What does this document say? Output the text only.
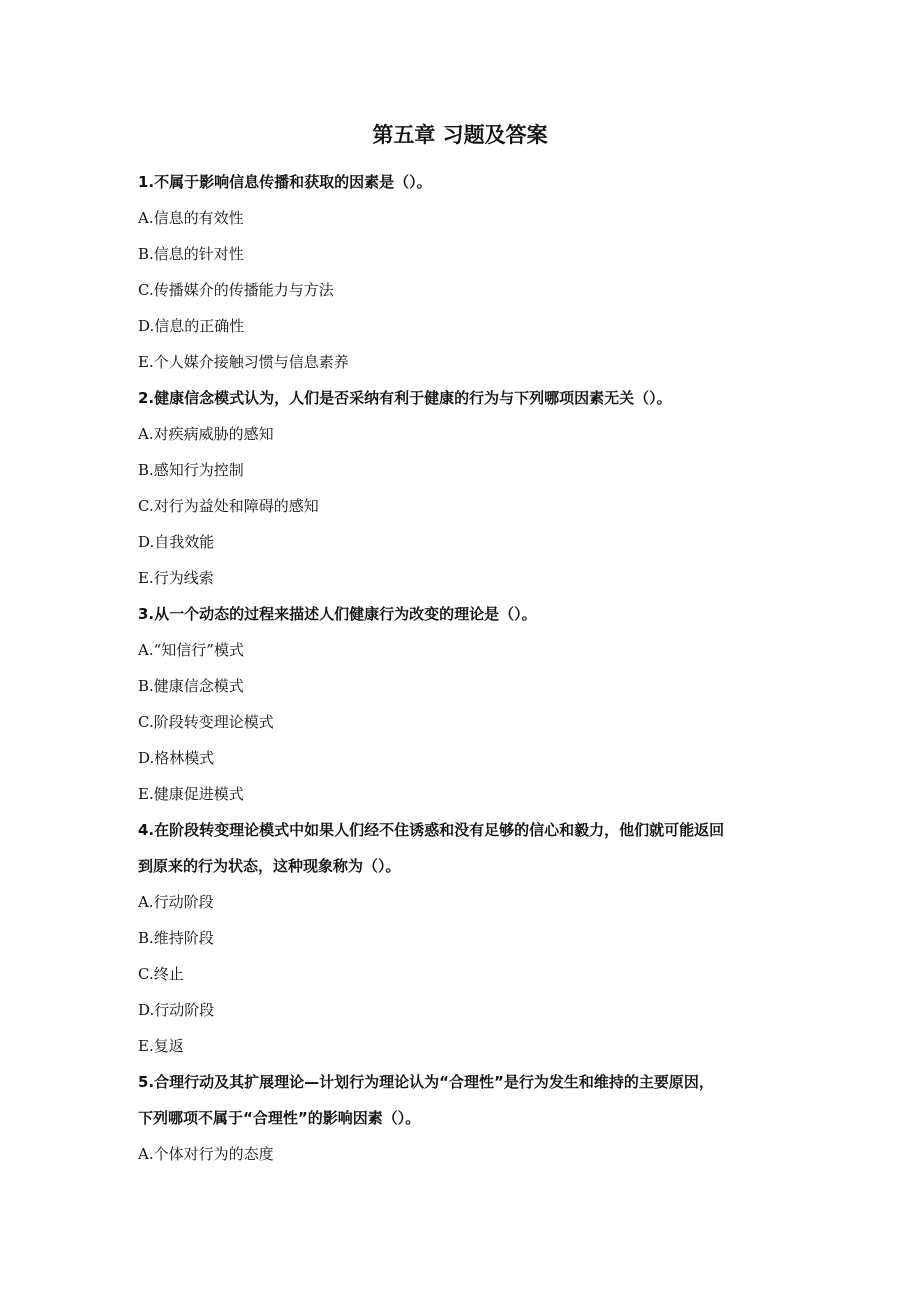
第五章 习题及答案

1.不属于影响信息传播和获取的因素是（）。

A.信息的有效性

B.信息的针对性

C.传播媒介的传播能力与方法

D.信息的正确性

E.个人媒介接触习惯与信息素养

2.健康信念模式认为，人们是否采纳有利于健康的行为与下列哪项因素无关（）。

A.对疾病威胁的感知

B.感知行为控制

C.对行为益处和障碍的感知

D.自我效能

E.行为线索

3.从一个动态的过程来描述人们健康行为改变的理论是（）。

A.“知信行”模式

B.健康信念模式

C.阶段转变理论模式

D.格林模式

E.健康促进模式

4.在阶段转变理论模式中如果人们经不住诱惑和没有足够的信心和毅力，他们就可能返回

到原来的行为状态，这种现象称为（）。

A.行动阶段

B.维持阶段

C.终止

D.行动阶段

E.复返

5.合理行动及其扩展理论—计划行为理论认为“合理性”是行为发生和维持的主要原因，

下列哪项不属于“合理性”的影响因素（）。

A.个体对行为的态度
